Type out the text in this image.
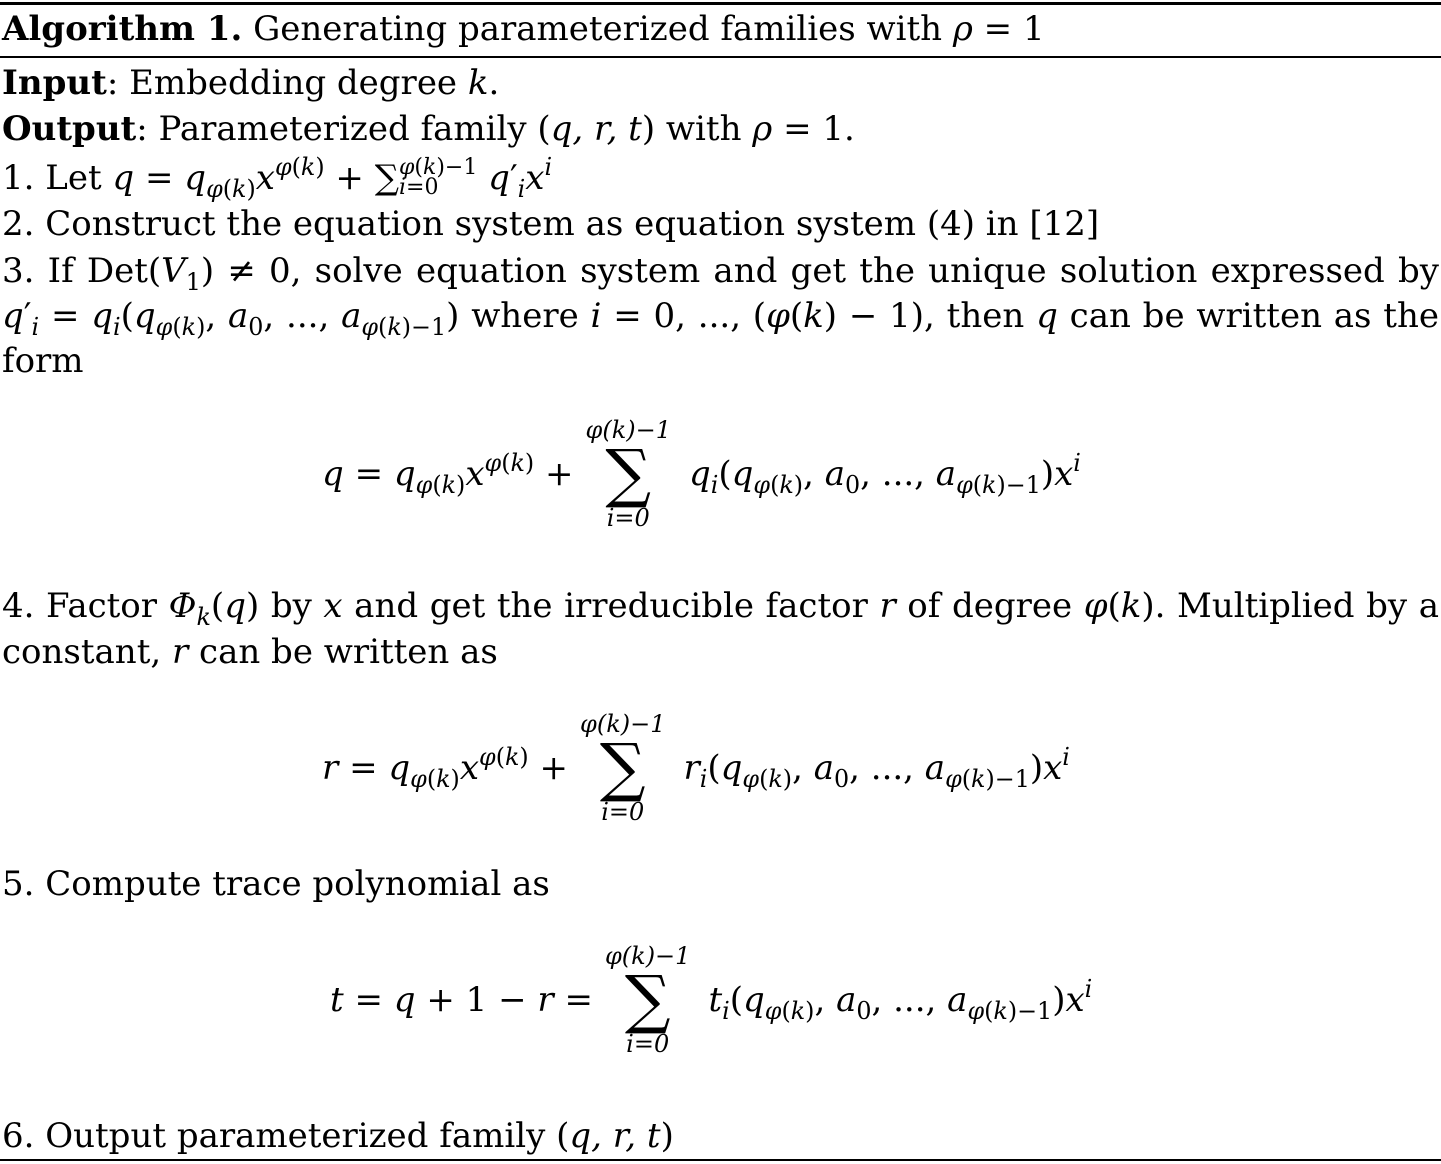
Algorithm 1. Generating parameterized families with ρ = 1
Input: Embedding degree k.
Output: Parameterized family (q, r, t) with ρ = 1.
1. Let $q = q_{\varphi(k)}x^{\varphi(k)}$ + ∑ φ(k)−1
i=0	$q'_ix^i$
2. Construct the equation system as equation system (4) in [12]
3. If $Det(V_1) \ne 0$, solve equation system and get the unique solution expressed by
$q'_i = q_i(q_{\varphi(k)}$, $a_0$, ..., $a_{\varphi(k)-1}$) where i = 0, ..., (φ(k) − 1), then q can be written as the
form
$q = q_{\varphi(k)}x^{\varphi(k)}$ +
φ(k)−1
∑
i=0
$q_i(q_{\varphi(k)}$, $a_0$, ..., $a_{\varphi(k)-1})x^i$
4. Factor $\Phi_k(q)$ by x and get the irreducible factor r of degree φ(k). Multiplied by a
constant, r can be written as
$r = q_{\varphi(k)}x^{\varphi(k)}$ +
φ(k)−1
∑
i=0
$r_i(q_{\varphi(k)}$, $a_0$, ..., $a_{\varphi(k)-1})x^i$
5. Compute trace polynomial as
t = q + 1 − r =
φ(k)−1
∑
i=0
$t_i(q_{\varphi(k)}$, $a_0$, ..., $a_{\varphi(k)-1})x^i$
6. Output parameterized family (q, r, t)
